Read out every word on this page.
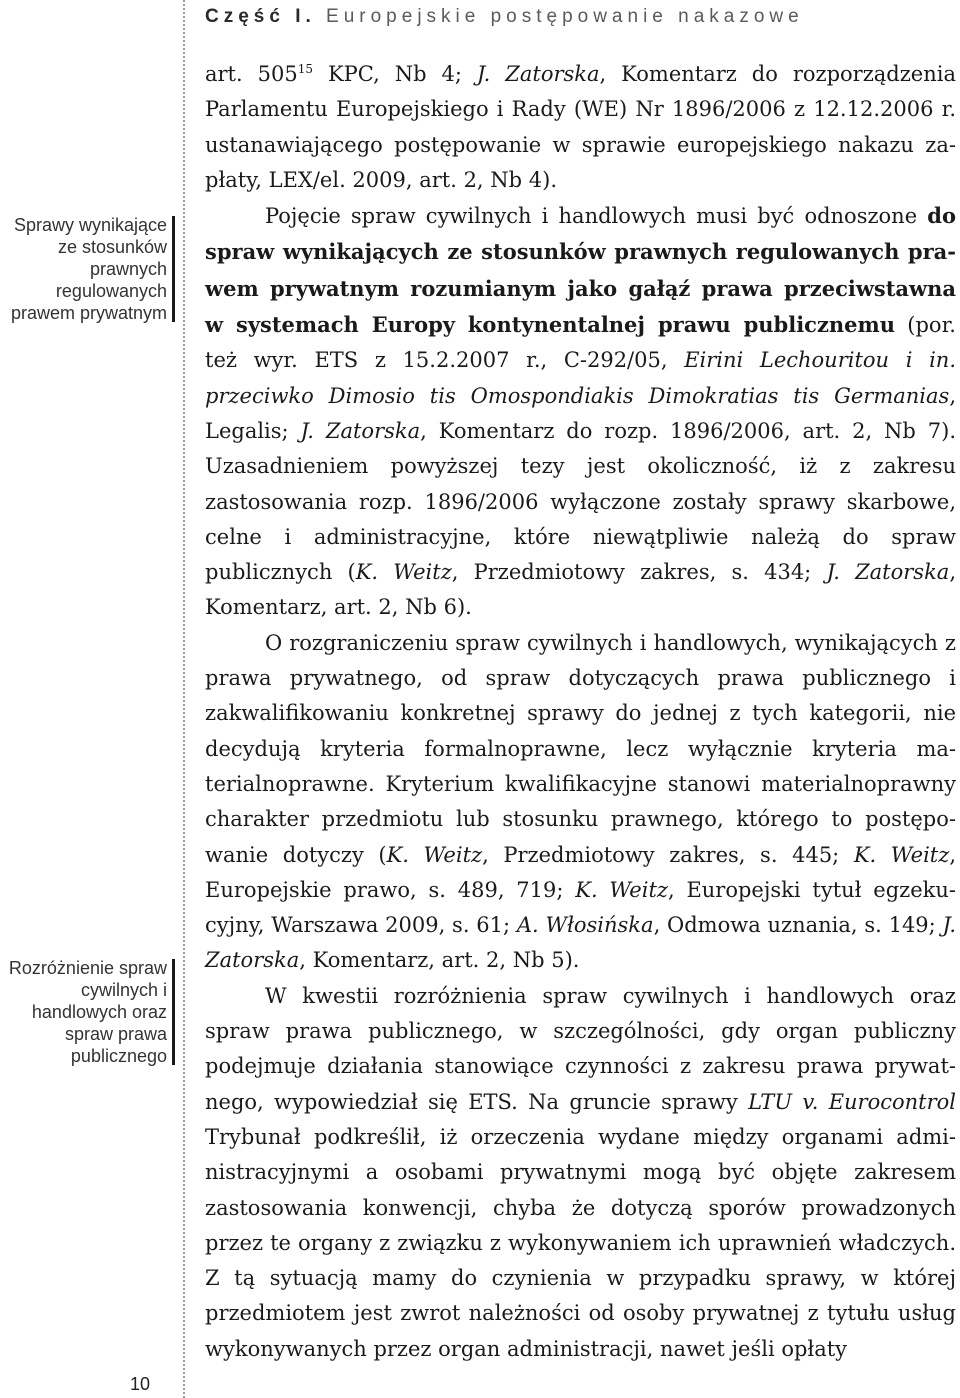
Część I. Europejskie postępowanie nakazowe
Sprawy wynikające ze stosunków prawnych regulowanych prawem prywatnym
Rozróżnienie spraw cywilnych i handlowych oraz spraw prawa publicznego
10

art. $505^{15}$ KPC, Nb 4; J. Zatorska, Komentarz do rozporządzenia Parlamentu Europejskiego i Rady (WE) Nr 1896/2006 z 12.12.2006 r. ustanawiającego postępowanie w sprawie europejskiego nakazu zapłaty, LEX/el. 2009, art. 2, Nb 4).

Pojęcie spraw cywilnych i handlowych musi być odnoszone do spraw wynikających ze stosunków prawnych regulowanych prawem prywatnym rozumianym jako gałąź prawa przeciwstawna w systemach Europy kontynentalnej prawu publicznemu (por. też wyr. ETS z 15.2.2007 r., C-292/05, Eirini Lechouritou i in. przeciwko Dimosio tis Omospondiakis Dimokratias tis Germanias, Legalis; J. Zatorska, Komentarz do rozp. 1896/2006, art. 2, Nb 7). Uzasadnieniem powyższej tezy jest okoliczność, iż z zakresu zastosowania rozp. 1896/2006 wyłączone zostały sprawy skarbowe, celne i administracyjne, które niewątpliwie należą do spraw publicznych (K. Weitz, Przedmiotowy zakres, s. 434; J. Zatorska, Komentarz, art. 2, Nb 6).

O rozgraniczeniu spraw cywilnych i handlowych, wynikających z prawa prywatnego, od spraw dotyczących prawa publicznego i zakwalifikowaniu konkretnej sprawy do jednej z tych kategorii, nie decydują kryteria formalnoprawne, lecz wyłącznie kryteria materialnoprawne. Kryterium kwalifikacyjne stanowi materialnoprawny charakter przedmiotu lub stosunku prawnego, którego to postępowanie dotyczy (K. Weitz, Przedmiotowy zakres, s. 445; K. Weitz, Europejskie prawo, s. 489, 719; K. Weitz, Europejski tytuł egzekucyjny, Warszawa 2009, s. 61; A. Włosińska, Odmowa uznania, s. 149; J. Zatorska, Komentarz, art. 2, Nb 5).

W kwestii rozróżnienia spraw cywilnych i handlowych oraz spraw prawa publicznego, w szczególności, gdy organ publiczny podejmuje działania stanowiące czynności z zakresu prawa prywatnego, wypowiedział się ETS. Na gruncie sprawy LTU v. Eurocontrol Trybunał podkreślił, iż orzeczenia wydane między organami administracyjnymi a osobami prywatnymi mogą być objęte zakresem zastosowania konwencji, chyba że dotyczą sporów prowadzonych przez te organy z związku z wykonywaniem ich uprawnień władczych. Z tą sytuacją mamy do czynienia w przypadku sprawy, w której przedmiotem jest zwrot należności od osoby prywatnej z tytułu usług wykonywanych przez organ administracji, nawet jeśli opłaty
